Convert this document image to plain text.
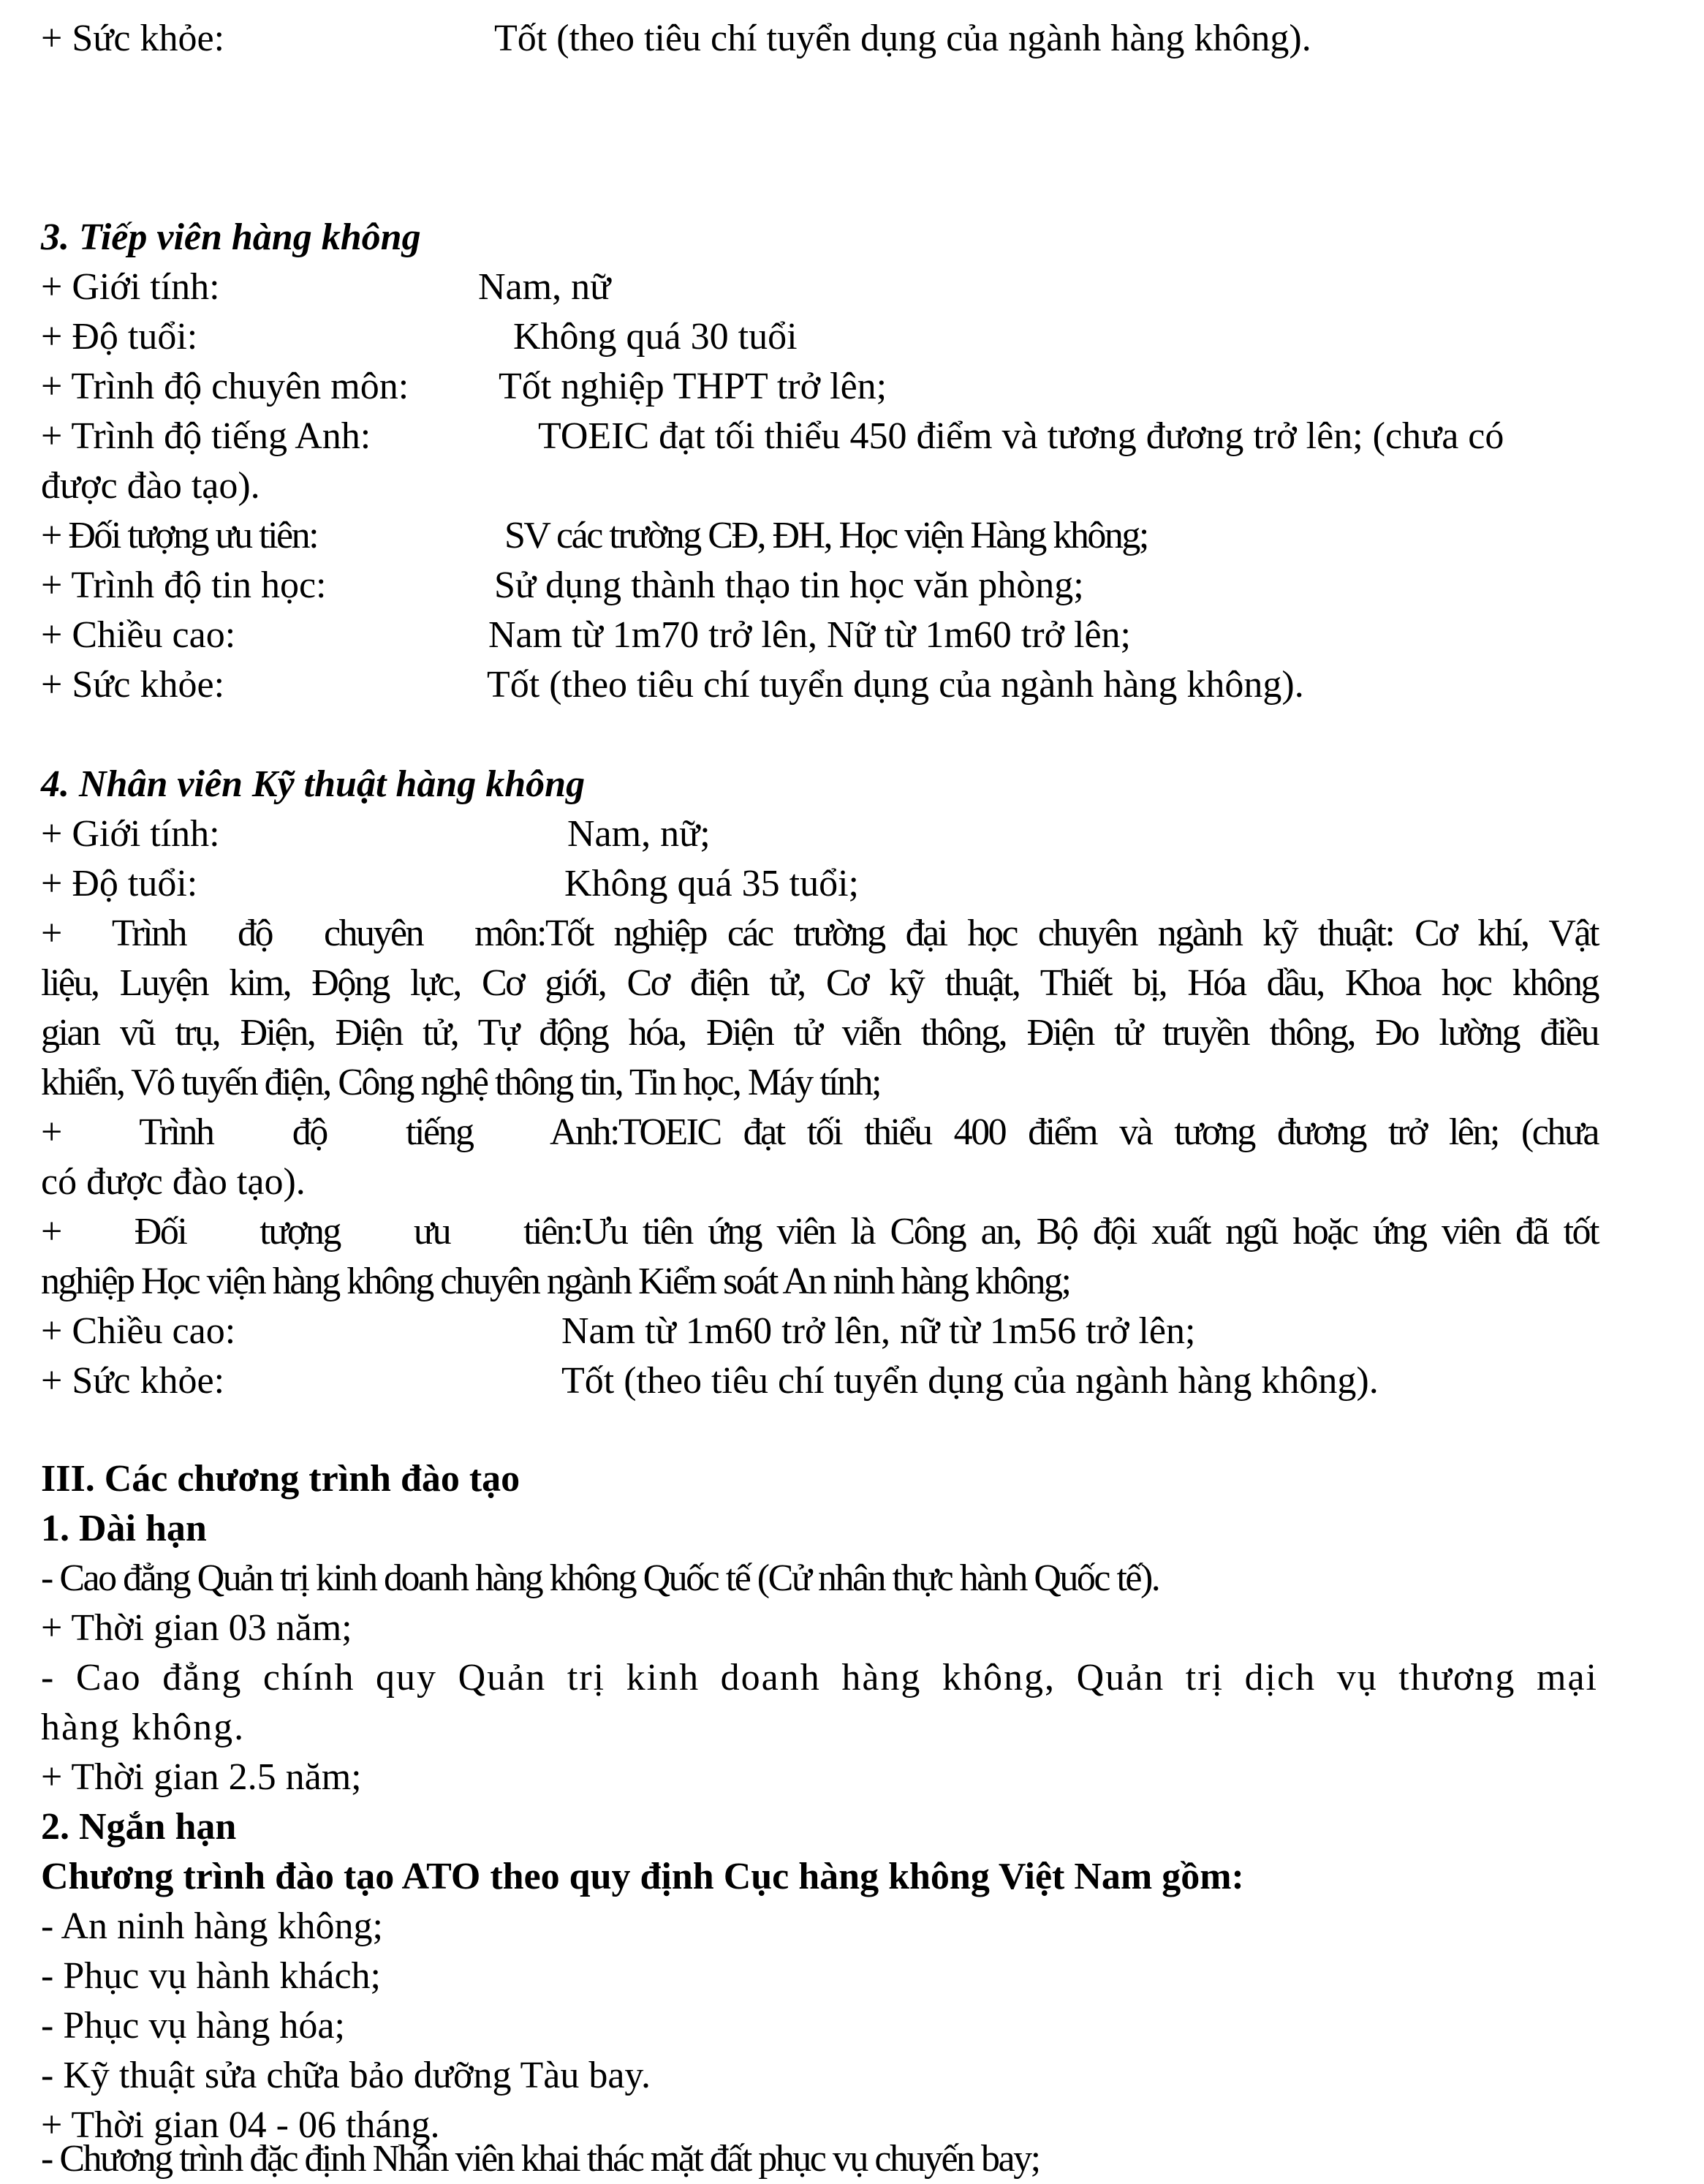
+ Sức khỏe:	Tốt (theo tiêu chí tuyển dụng của ngành hàng không).
3. Tiếp viên hàng không
+ Giới tính:	Nam, nữ
+ Độ tuổi:	Không quá 30 tuổi
+ Trình độ chuyên môn: Tốt nghiệp THPT trở lên;
+ Trình độ tiếng Anh:	TOEIC đạt tối thiểu 450 điểm và tương đương trở lên; (chưa có
được đào tạo).
+ Đối tượng ưu tiên:	SV các trường CĐ, ĐH, Học viện Hàng không;
+ Trình độ tin học:	Sử dụng thành thạo tin học văn phòng;
+ Chiều cao:	Nam từ 1m70 trở lên, Nữ từ 1m60 trở lên;
+ Sức khỏe:	Tốt (theo tiêu chí tuyển dụng của ngành hàng không).
4. Nhân viên Kỹ thuật hàng không
+ Giới tính:	Nam, nữ;
+ Độ tuổi:	Không quá 35 tuổi;
+ Trình độ chuyên môn:Tốt nghiệp các trường đại học chuyên ngành kỹ thuật: Cơ khí, Vật
liệu, Luyện kim, Động lực, Cơ giới, Cơ điện tử, Cơ kỹ thuật, Thiết bị, Hóa dầu, Khoa học không
gian vũ trụ, Điện, Điện tử, Tự động hóa, Điện tử viễn thông, Điện tử truyền thông, Đo lường điều
khiển, Vô tuyến điện, Công nghệ thông tin, Tin học, Máy tính;
+ Trình độ tiếng Anh:TOEIC đạt tối thiểu 400 điểm và tương đương trở lên; (chưa
có được đào tạo).
+ Đối tượng ưu tiên:Ưu tiên ứng viên là Công an, Bộ đội xuất ngũ hoặc ứng viên đã tốt
nghiệp Học viện hàng không chuyên ngành Kiểm soát An ninh hàng không;
+ Chiều cao:	Nam từ 1m60 trở lên, nữ từ 1m56 trở lên;
+ Sức khỏe:	Tốt (theo tiêu chí tuyển dụng của ngành hàng không).
III. Các chương trình đào tạo
1. Dài hạn
- Cao đẳng Quản trị kinh doanh hàng không Quốc tế (Cử nhân thực hành Quốc tế).
+ Thời gian 03 năm;
- Cao đẳng chính quy Quản trị kinh doanh hàng không, Quản trị dịch vụ thương mại
hàng không.
+ Thời gian 2.5 năm;
2. Ngắn hạn
Chương trình đào tạo ATO theo quy định Cục hàng không Việt Nam gồm:
- An ninh hàng không;
- Phục vụ hành khách;
- Phục vụ hàng hóa;
- Kỹ thuật sửa chữa bảo dưỡng Tàu bay.
+ Thời gian 04 - 06 tháng.
- Chương trình đặc định Nhân viên khai thác mặt đất phục vụ chuyến bay;
